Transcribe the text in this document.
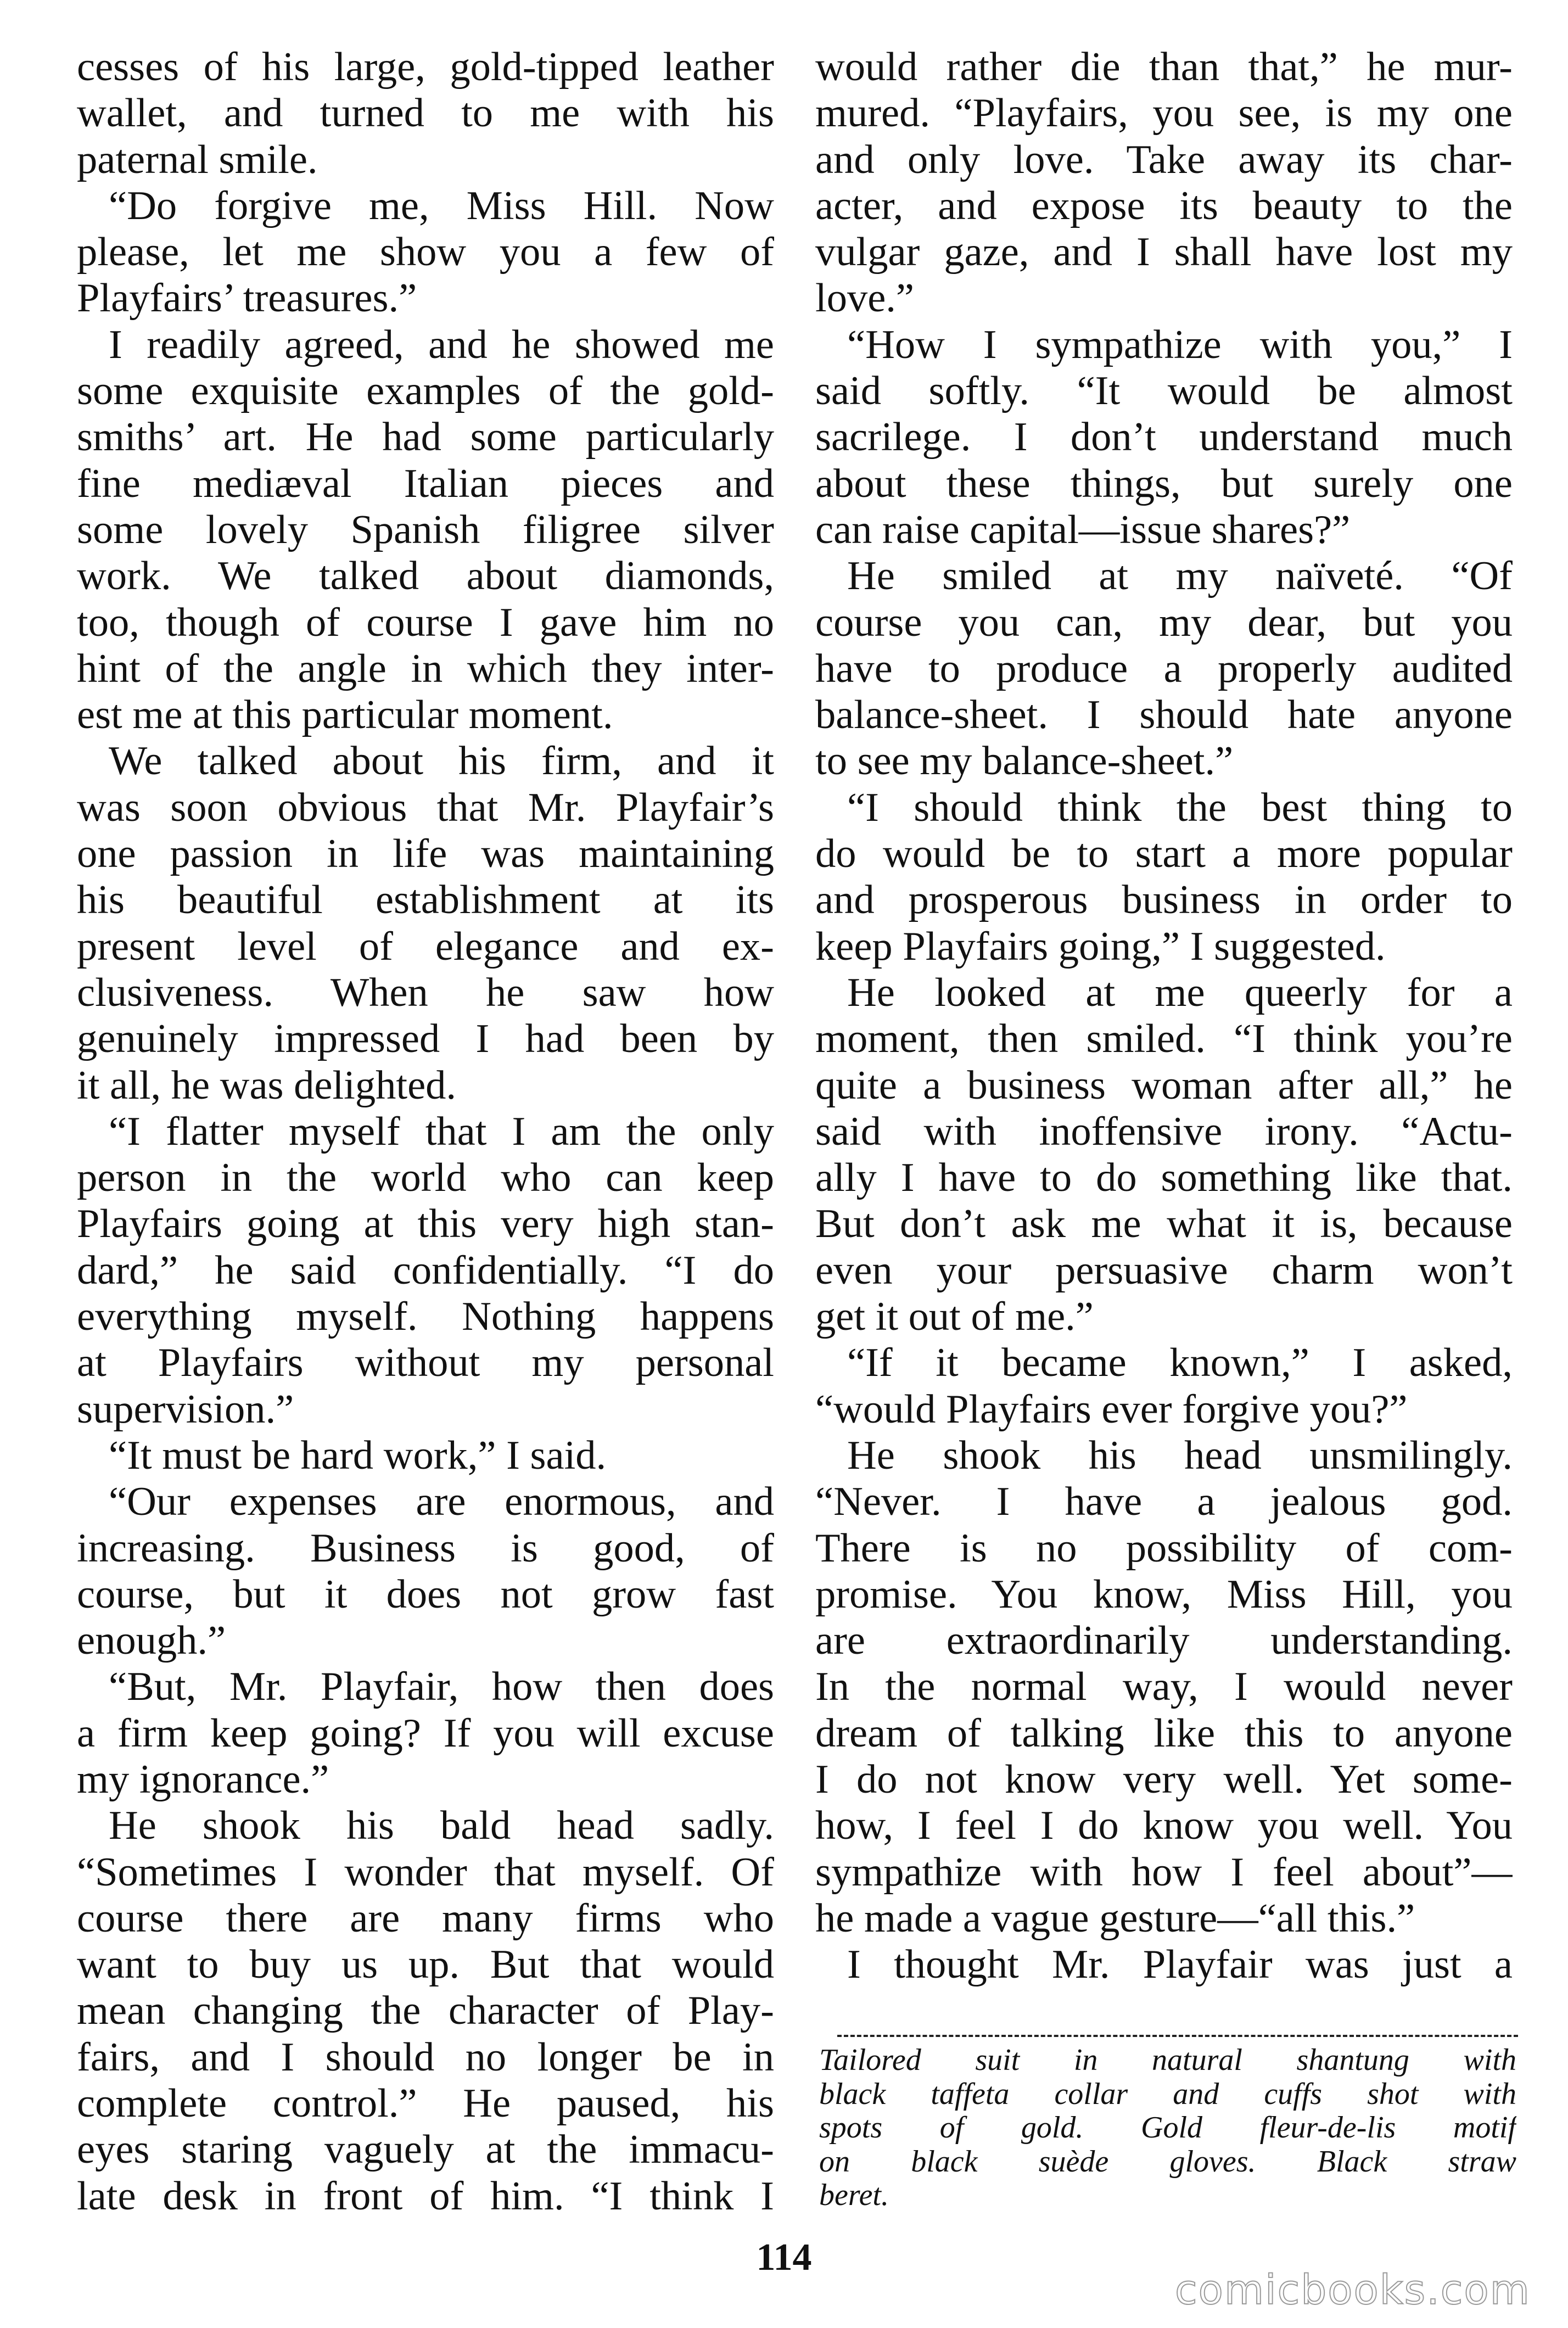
cesses of his large, gold-tipped leather
wallet, and turned to me with his
paternal smile.
“Do forgive me, Miss Hill. Now
please, let me show you a few of
Playfairs’ treasures.”
I readily agreed, and he showed me
some exquisite examples of the gold-
smiths’ art. He had some particularly
fine mediæval Italian pieces and
some lovely Spanish filigree silver
work. We talked about diamonds,
too, though of course I gave him no
hint of the angle in which they inter-
est me at this particular moment.
We talked about his firm, and it
was soon obvious that Mr. Playfair’s
one passion in life was maintaining
his beautiful establishment at its
present level of elegance and ex-
clusiveness. When he saw how
genuinely impressed I had been by
it all, he was delighted.
“I flatter myself that I am the only
person in the world who can keep
Playfairs going at this very high stan-
dard,” he said confidentially. “I do
everything myself. Nothing happens
at Playfairs without my personal
supervision.”
“It must be hard work,” I said.
“Our expenses are enormous, and
increasing. Business is good, of
course, but it does not grow fast
enough.”
“But, Mr. Playfair, how then does
a firm keep going? If you will excuse
my ignorance.”
He shook his bald head sadly.
“Sometimes I wonder that myself. Of
course there are many firms who
want to buy us up. But that would
mean changing the character of Play-
fairs, and I should no longer be in
complete control.” He paused, his
eyes staring vaguely at the immacu-
late desk in front of him. “I think I
would rather die than that,” he mur-
mured. “Playfairs, you see, is my one
and only love. Take away its char-
acter, and expose its beauty to the
vulgar gaze, and I shall have lost my
love.”
“How I sympathize with you,” I
said softly. “It would be almost
sacrilege. I don’t understand much
about these things, but surely one
can raise capital—issue shares?”
He smiled at my naïveté. “Of
course you can, my dear, but you
have to produce a properly audited
balance-sheet. I should hate anyone
to see my balance-sheet.”
“I should think the best thing to
do would be to start a more popular
and prosperous business in order to
keep Playfairs going,” I suggested.
He looked at me queerly for a
moment, then smiled. “I think you’re
quite a business woman after all,” he
said with inoffensive irony. “Actu-
ally I have to do something like that.
But don’t ask me what it is, because
even your persuasive charm won’t
get it out of me.”
“If it became known,” I asked,
“would Playfairs ever forgive you?”
He shook his head unsmilingly.
“Never. I have a jealous god.
There is no possibility of com-
promise. You know, Miss Hill, you
are extraordinarily understanding.
In the normal way, I would never
dream of talking like this to anyone
I do not know very well. Yet some-
how, I feel I do know you well. You
sympathize with how I feel about”—
he made a vague gesture—“all this.”
I thought Mr. Playfair was just a
Tailored suit in natural shantung with
black taffeta collar and cuffs shot with
spots of gold. Gold fleur-de-lis motif
on black suède gloves. Black straw
beret.
114
comicbooks.com
